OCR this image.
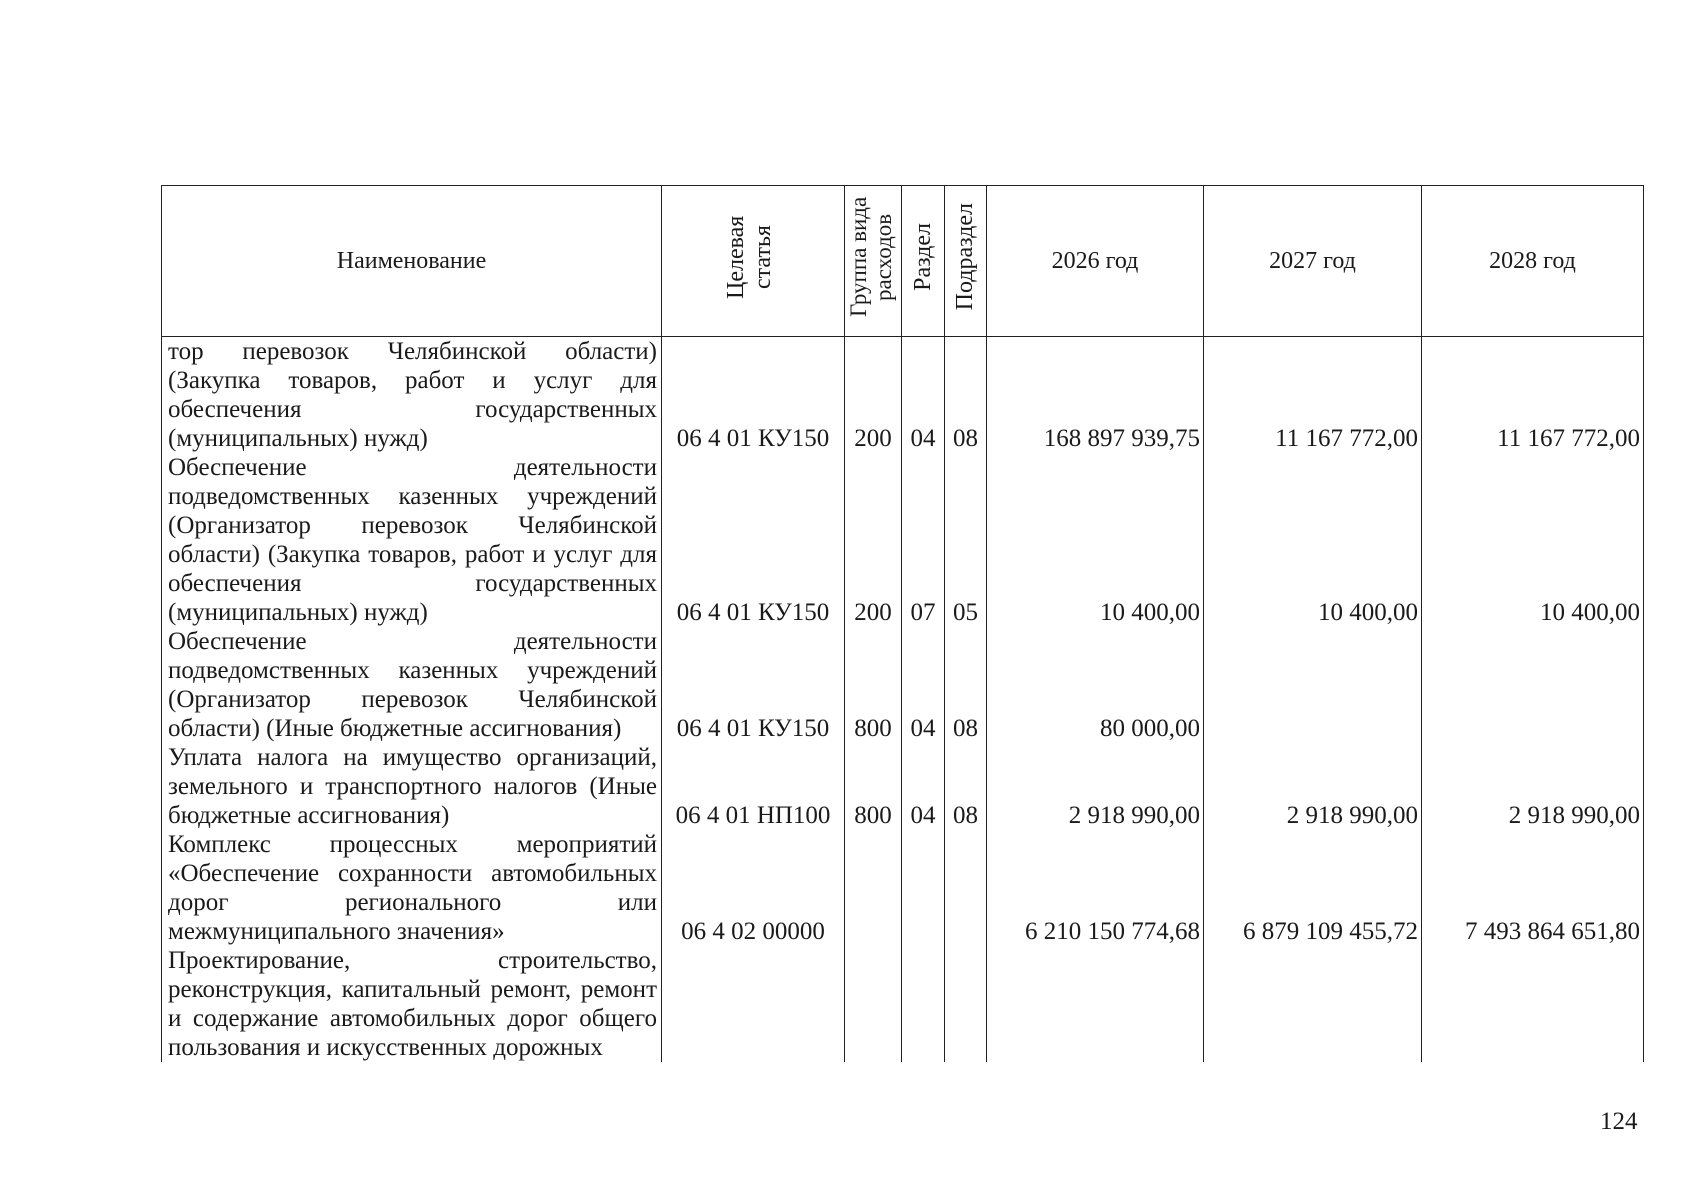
Наименование	Целевая статья	Группа вида расходов	Раздел	Подраздел	2026 год	2027 год	2028 год
тор перевозок Челябинской области) (Закупка товаров, работ и услуг для обеспечения государственных (муниципальных) нужд)	06 4 01 КУ150	200	04	08	168 897 939,75	11 167 772,00	11 167 772,00
Обеспечение деятельности подведомственных казенных учреждений (Организатор перевозок Челябинской области) (Закупка товаров, работ и услуг для обеспечения государственных (муниципальных) нужд)	06 4 01 КУ150	200	07	05	10 400,00	10 400,00	10 400,00
Обеспечение деятельности подведомственных казенных учреждений (Организатор перевозок Челябинской области) (Иные бюджетные ассигнования)	06 4 01 КУ150	800	04	08	80 000,00		
Уплата налога на имущество организаций, земельного и транспортного налогов (Иные бюджетные ассигнования)	06 4 01 НП100	800	04	08	2 918 990,00	2 918 990,00	2 918 990,00
Комплекс процессных мероприятий «Обеспечение сохранности автомобильных дорог регионального или межмуниципального значения»	06 4 02 00000				6 210 150 774,68	6 879 109 455,72	7 493 864 651,80
Проектирование, строительство, реконструкция, капитальный ремонт, ремонт и содержание автомобильных дорог общего пользования и искусственных дорожных							
124
